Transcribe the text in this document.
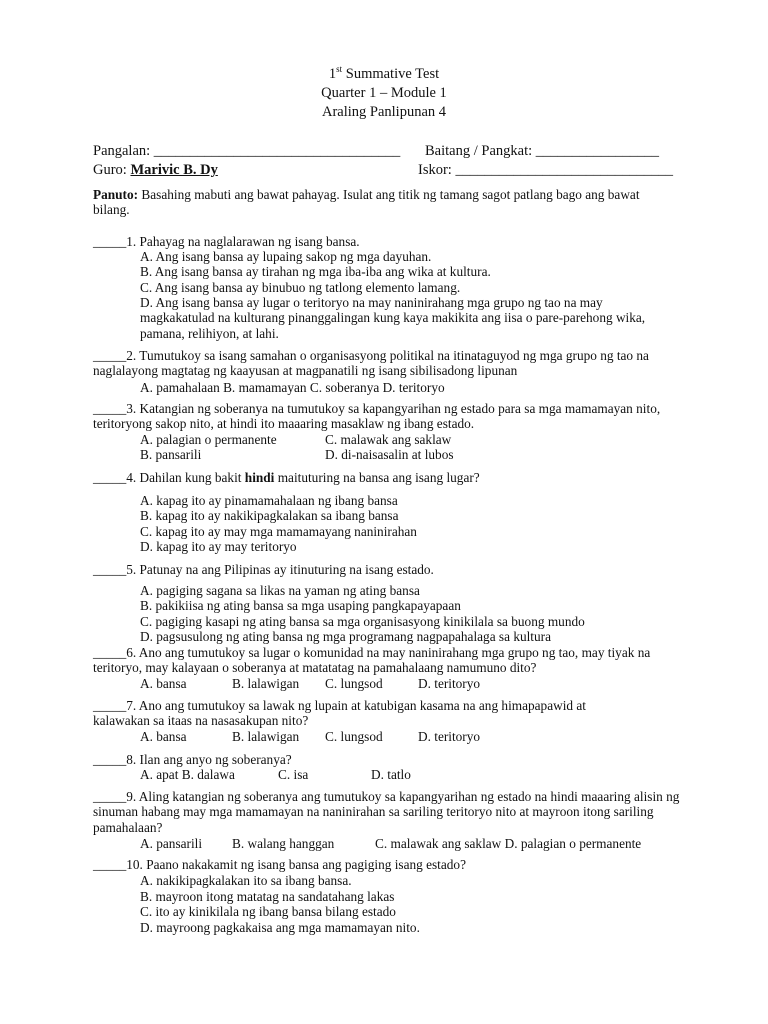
1st Summative Test
Quarter 1 – Module 1
Araling Panlipunan 4
Pangalan: __________________________________ Baitang / Pangkat: _________________
Guro: Marivic B. Dy	Iskor: ______________________________
Panuto: Basahing mabuti ang bawat pahayag. Isulat ang titik ng tamang sagot patlang bago ang bawat bilang.
_____1. Pahayag na naglalarawan ng isang bansa.
A. Ang isang bansa ay lupaing sakop ng mga dayuhan.
B. Ang isang bansa ay tirahan ng mga iba-iba ang wika at kultura.
C. Ang isang bansa ay binubuo ng tatlong elemento lamang.
D. Ang isang bansa ay lugar o teritoryo na may naninirahang mga grupo ng tao na may magkakatulad na kulturang pinanggalingan kung kaya makikita ang iisa o pare-parehong wika, pamana, relihiyon, at lahi.
_____2. Tumutukoy sa isang samahan o organisasyong politikal na itinataguyod ng mga grupo ng tao na naglalayong magtatag ng kaayusan at magpanatili ng isang sibilisadong lipunan
A. pamahalaan B. mamamayan C. soberanya D. teritoryo
_____3. Katangian ng soberanya na tumutukoy sa kapangyarihan ng estado para sa mga mamamayan nito, teritoryong sakop nito, at hindi ito maaaring masaklaw ng ibang estado.
A. palagian o permanente	C. malawak ang saklaw
B. pansarili	D. di-naisasalin at lubos
_____4. Dahilan kung bakit hindi maituturing na bansa ang isang lugar?
A. kapag ito ay pinamamahalaan ng ibang bansa
B. kapag ito ay nakikipagkalakan sa ibang bansa
C. kapag ito ay may mga mamamayang naninirahan
D. kapag ito ay may teritoryo
_____5. Patunay na ang Pilipinas ay itinuturing na isang estado.
A. pagiging sagana sa likas na yaman ng ating bansa
B. pakikiisa ng ating bansa sa mga usaping pangkapayapaan
C. pagiging kasapi ng ating bansa sa mga organisasyong kinikilala sa buong mundo
D. pagsusulong ng ating bansa ng mga programang nagpapahalaga sa kultura
_____6. Ano ang tumutukoy sa lugar o komunidad na may naninirahang mga grupo ng tao, may tiyak na teritoryo, may kalayaan o soberanya at matatatag na pamahalaang namumuno dito?
A. bansa	B. lalawigan C. lungsod	D. teritoryo
_____7. Ano ang tumutukoy sa lawak ng lupain at katubigan kasama na ang himapapawid at kalawakan sa itaas na nasasakupan nito?
A. bansa	B. lalawigan C. lungsod	D. teritoryo
_____8. Ilan ang anyo ng soberanya?
A. apat B. dalawa	C. isa	D. tatlo
_____9. Aling katangian ng soberanya ang tumutukoy sa kapangyarihan ng estado na hindi maaaring alisin ng sinuman habang may mga mamamayan na naninirahan sa sariling teritoryo nito at mayroon itong sariling pamahalaan?
A. pansarili B. walang hanggan	C. malawak ang saklaw D. palagian o permanente
_____10. Paano nakakamit ng isang bansa ang pagiging isang estado?
A. nakikipagkalakan ito sa ibang bansa.
B. mayroon itong matatag na sandatahang lakas
C. ito ay kinikilala ng ibang bansa bilang estado
D. mayroong pagkakaisa ang mga mamamayan nito.
